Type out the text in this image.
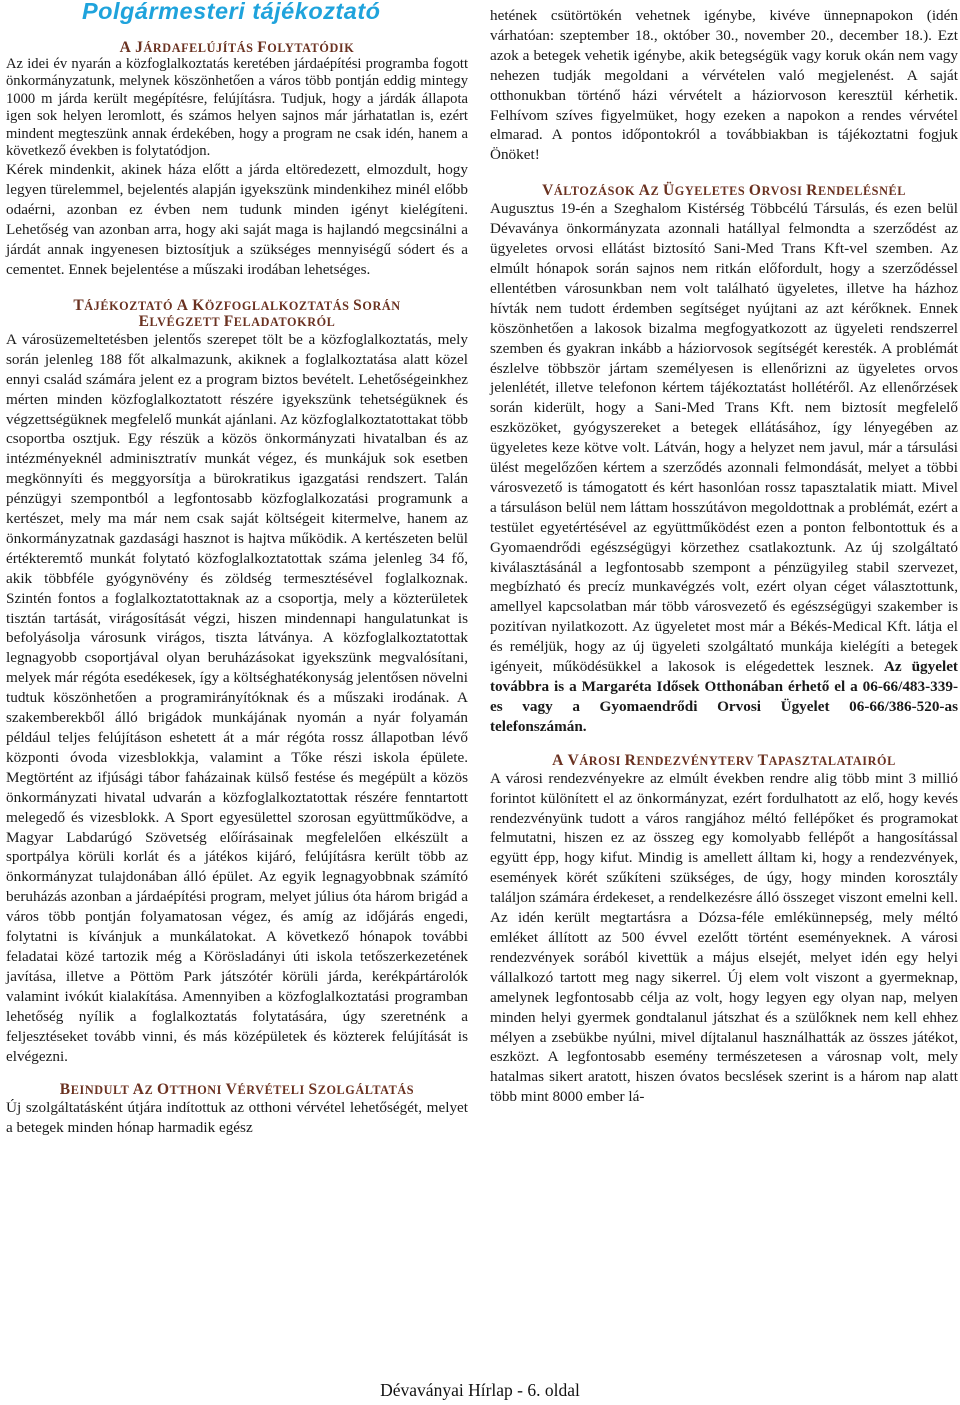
Polgármesteri tájékoztató

A JÁRDAFELÚJÍTÁS FOLYTATÓDIK

Az idei év nyarán a közfoglalkoztatás keretében járdaépítési programba fogott önkormányzatunk, melynek köszönhetően a város több pontján eddig mintegy 1000 m járda került megépítésre, felújításra. Tudjuk, hogy a járdák állapota igen sok helyen leromlott, és számos helyen sajnos már járhatatlan is, ezért mindent megteszünk annak érdekében, hogy a program ne csak idén, hanem a következő években is folytatódjon.

Kérek mindenkit, akinek háza előtt a járda eltöredezett, elmozdult, hogy legyen türelemmel, bejelentés alapján igyekszünk mindenkihez minél előbb odaérni, azonban ez évben nem tudunk minden igényt kielégíteni. Lehetőség van azonban arra, hogy aki saját maga is hajlandó megcsinálni a járdát annak ingyenesen biztosítjuk a szükséges mennyiségű sódert és a cementet. Ennek bejelentése a műszaki irodában lehetséges.

TÁJÉKOZTATÓ A KÖZFOGLALKOZTATÁS SORÁN

ELVÉGZETT FELADATOKRÓL

A városüzemeltetésben jelentős szerepet tölt be a közfoglalkoztatás, mely során jelenleg 188 főt alkalmazunk, akiknek a foglalkoztatása alatt közel ennyi család számára jelent ez a program biztos bevételt. Lehetőségeinkhez mérten minden közfoglalkoztatott részére igyekszünk tehetségüknek és végzettségüknek megfelelő munkát ajánlani. Az közfoglalkoztatottakat több csoportba osztjuk. Egy részük a közös önkormányzati hivatalban és az intézményeknél adminisztratív munkát végez, és munkájuk sok esetben megkönnyíti és meggyorsítja a bürokratikus igazgatási rendszert. Talán pénzügyi szempontból a legfontosabb közfoglalkozatási programunk a kertészet, mely ma már nem csak saját költségeit kitermelve, hanem az önkormányzatnak gazdasági hasznot is hajtva működik. A kertészeten belül értékteremtő munkát folytató közfoglalkoztatottak száma jelenleg 34 fő, akik többféle gyógynövény és zöldség termesztésével foglalkoznak. Szintén fontos a foglalkoztatottaknak az a csoportja, mely a közterületek tisztán tartását, virágosítását végzi, hiszen mindennapi hangulatunkat is befolyásolja városunk virágos, tiszta látványa. A közfoglalkoztatottak legnagyobb csoportjával olyan beruházásokat igyekszünk megvalósítani, melyek már régóta esedékesek, így a költséghatékonyság jelentősen növelni tudtuk köszönhetően a programirányítóknak és a műszaki irodának. A szakemberekből álló brigádok munkájának nyomán a nyár folyamán például teljes felújításon eshetett át a már régóta rossz állapotban lévő központi óvoda vizesblokkja, valamint a Tőke részi iskola épülete. Megtörtént az ifjúsági tábor faházainak külső festése és megépült a közös önkormányzati hivatal udvarán a közfoglalkoztatottak részére fenntartott melegedő és vizesblokk. A Sport egyesülettel szorosan együttműködve, a Magyar Labdarúgó Szövetség előírásainak megfelelően elkészült a sportpálya körüli korlát és a játékos kijáró, felújításra került több az önkormányzat tulajdonában álló épület. Az egyik legnagyobbnak számító beruházás azonban a járdaépítési program, melyet július óta három brigád a város több pontján folyamatosan végez, és amíg az időjárás engedi, folytatni is kívánjuk a munkálatokat. A következő hónapok további feladatai közé tartozik még a Körösladányi úti iskola tetőszerkezetének javítása, illetve a Pöttöm Park játszótér körüli járda, kerékpártárolók valamint ivókút kialakítása. Amennyiben a közfoglalkoztatási programban lehetőség nyílik a foglalkoztatás folytatására, úgy szeretnénk a feljesztéseket tovább vinni, és más középületek és közterek felújítását is elvégezni.

BEINDULT AZ OTTHONI VÉRVÉTELI SZOLGÁLTATÁS

Új szolgáltatásként útjára indítottuk az otthoni vérvétel lehetőségét, melyet a betegek minden hónap harmadik egész

hetének csütörtökén vehetnek igénybe, kivéve ünnepnapokon (idén várhatóan: szeptember 18., október 30., november 20., december 18.). Ezt azok a betegek vehetik igénybe, akik betegségük vagy koruk okán nem vagy nehezen tudják megoldani a vérvételen való megjelenést. A saját otthonukban történő házi vérvételt a háziorvoson keresztül kérhetik. Felhívom szíves figyelmüket, hogy ezeken a napokon a rendes vérvétel elmarad. A pontos időpontokról a továbbiakban is tájékoztatni fogjuk Önöket!

VÁLTOZÁSOK AZ ÜGYELETES ORVOSI RENDELÉSNÉL

Augusztus 19-én a Szeghalom Kistérség Többcélú Társulás, és ezen belül Dévaványa önkormányzata azonnali hatállyal felmondta a szerződést az ügyeletes orvosi ellátást biztosító Sani-Med Trans Kft-vel szemben. Az elmúlt hónapok során sajnos nem ritkán előfordult, hogy a szerződéssel ellentétben városunkban nem volt található ügyeletes, illetve ha házhoz hívták nem tudott érdemben segítséget nyújtani az azt kérőknek. Ennek köszönhetően a lakosok bizalma megfogyatkozott az ügyeleti rendszerrel szemben és gyakran inkább a háziorvosok segítségét keresték. A problémát észlelve többször jártam személyesen is ellenőrizni az ügyeletes orvos jelenlétét, illetve telefonon kértem tájékoztatást hollétéről. Az ellenőrzések során kiderült, hogy a Sani-Med Trans Kft. nem biztosít megfelelő eszközöket, gyógyszereket a betegek ellátásához, így lényegében az ügyeletes keze kötve volt. Látván, hogy a helyzet nem javul, már a társulási ülést megelőzően kértem a szerződés azonnali felmondását, melyet a többi városvezető is támogatott és kért hasonlóan rossz tapasztalatik miatt. Mivel a társuláson belül nem láttam hosszútávon megoldottnak a problémát, ezért a testület egyetértésével az együttműködést ezen a ponton felbontottuk és a Gyomaendrődi egészségügyi körzethez csatlakoztunk. Az új szolgáltató kiválasztásánál a legfontosabb szempont a pénzügyileg stabil szervezet, megbízható és precíz munkavégzés volt, ezért olyan céget választottunk, amellyel kapcsolatban már több városvezető és egészségügyi szakember is pozitívan nyilatkozott. Az ügyeletet most már a Békés-Medical Kft. látja el és reméljük, hogy az új ügyeleti szolgáltató munkája kielégíti a betegek igényeit, működésükkel a lakosok is elégedettek lesznek. Az ügyelet továbbra is a Margaréta Idősek Otthonában érhető el a 06-66/483-339-es vagy a Gyomaendrődi Orvosi Ügyelet 06-66/386-520-as telefonszámán.

A VÁROSI RENDEZVÉNYTERV TAPASZTALATAIRÓL

A városi rendezvényekre az elmúlt években rendre alig több mint 3 millió forintot különített el az önkormányzat, ezért fordulhatott az elő, hogy kevés rendezvényünk tudott a város rangjához méltó fellépőket és programokat felmutatni, hiszen ez az összeg egy komolyabb fellépőt a hangosítással együtt épp, hogy kifut. Mindig is amellett álltam ki, hogy a rendezvények, események körét szűkíteni szükséges, de úgy, hogy minden korosztály találjon számára érdekeset, a rendelkezésre álló összeget viszont emelni kell. Az idén került megtartásra a Dózsa-féle emlékünnepség, mely méltó emléket állított az 500 évvel ezelőtt történt eseményeknek. A városi rendezvények sorából kivettük a május elsejét, melyet idén egy helyi vállalkozó tartott meg nagy sikerrel. Új elem volt viszont a gyermeknap, amelynek legfontosabb célja az volt, hogy legyen egy olyan nap, melyen minden helyi gyermek gondtalanul játszhat és a szülőknek nem kell ehhez mélyen a zsebükbe nyúlni, mivel díjtalanul használhatták az összes játékot, eszközt. A legfontosabb esemény természetesen a városnap volt, mely hatalmas sikert aratott, hiszen óvatos becslések szerint is a három nap alatt több mint 8000 ember lá-

Dévaványai Hírlap - 6. oldal
